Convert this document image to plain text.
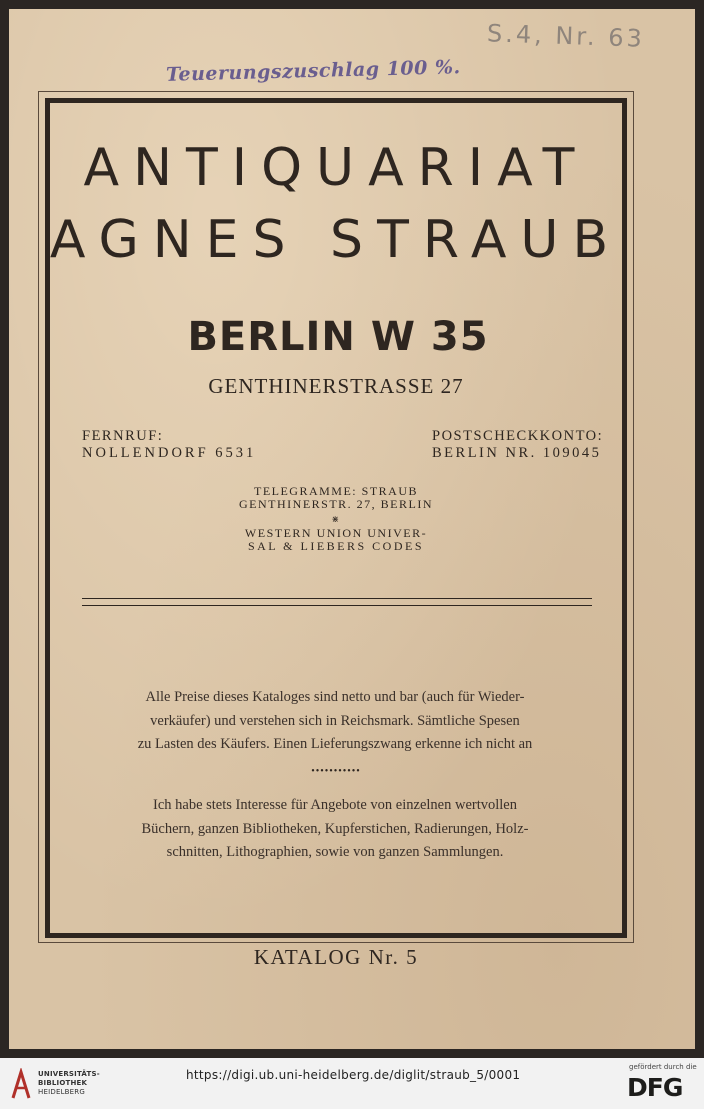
S.4, Nr. 63
Teuerungszuschlag 100 %.
ANTIQUARIAT
AGNES STRAUB
BERLIN W 35
GENTHINERSTRASSE 27
FERNRUF:
NOLLENDORF 6531
POSTSCHECKKONTO:
BERLIN NR. 109045
TELEGRAMME: STRAUB
GENTHINERSTR. 27, BERLIN
⋇
WESTERN UNION UNIVER-
SAL & LIEBERS CODES
Alle Preise dieses Kataloges sind netto und bar (auch für Wieder-
verkäufer) und verstehen sich in Reichsmark. Sämtliche Spesen
zu Lasten des Käufers. Einen Lieferungszwang erkenne ich nicht an
•••••••••••
Ich habe stets Interesse für Angebote von einzelnen wertvollen
Büchern, ganzen Bibliotheken, Kupferstichen, Radierungen, Holz-
schnitten, Lithographien, sowie von ganzen Sammlungen.
KATALOG Nr. 5
UNIVERSITÄTS-
BIBLIOTHEK
HEIDELBERG
https://digi.ub.uni-heidelberg.de/diglit/straub_5/0001
gefördert durch die
DFG
